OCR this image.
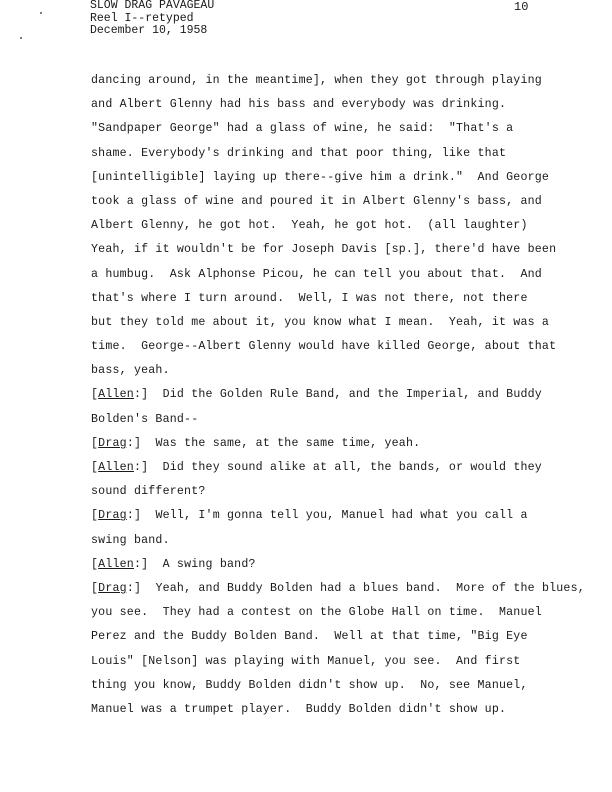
SLOW DRAG PAVAGEAU
Reel I--retyped
December 10, 1958
10
dancing around, in the meantime], when they got through playing
and Albert Glenny had his bass and everybody was drinking.
"Sandpaper George" had a glass of wine, he said:  "That's a
shame. Everybody's drinking and that poor thing, like that
[unintelligible] laying up there--give him a drink."  And George
took a glass of wine and poured it in Albert Glenny's bass, and
Albert Glenny, he got hot.  Yeah, he got hot.  (all laughter)
Yeah, if it wouldn't be for Joseph Davis [sp.], there'd have been
a humbug.  Ask Alphonse Picou, he can tell you about that.  And
that's where I turn around.  Well, I was not there, not there
but they told me about it, you know what I mean.  Yeah, it was a
time.  George--Albert Glenny would have killed George, about that
bass, yeah.
[Allen:]  Did the Golden Rule Band, and the Imperial, and Buddy
Bolden's Band--
[Drag:]  Was the same, at the same time, yeah.
[Allen:]  Did they sound alike at all, the bands, or would they
sound different?
[Drag:]  Well, I'm gonna tell you, Manuel had what you call a
swing band.
[Allen:]  A swing band?
[Drag:]  Yeah, and Buddy Bolden had a blues band.  More of the blues,
you see.  They had a contest on the Globe Hall on time.  Manuel
Perez and the Buddy Bolden Band.  Well at that time, "Big Eye
Louis" [Nelson] was playing with Manuel, you see.  And first
thing you know, Buddy Bolden didn't show up.  No, see Manuel,
Manuel was a trumpet player.  Buddy Bolden didn't show up.
